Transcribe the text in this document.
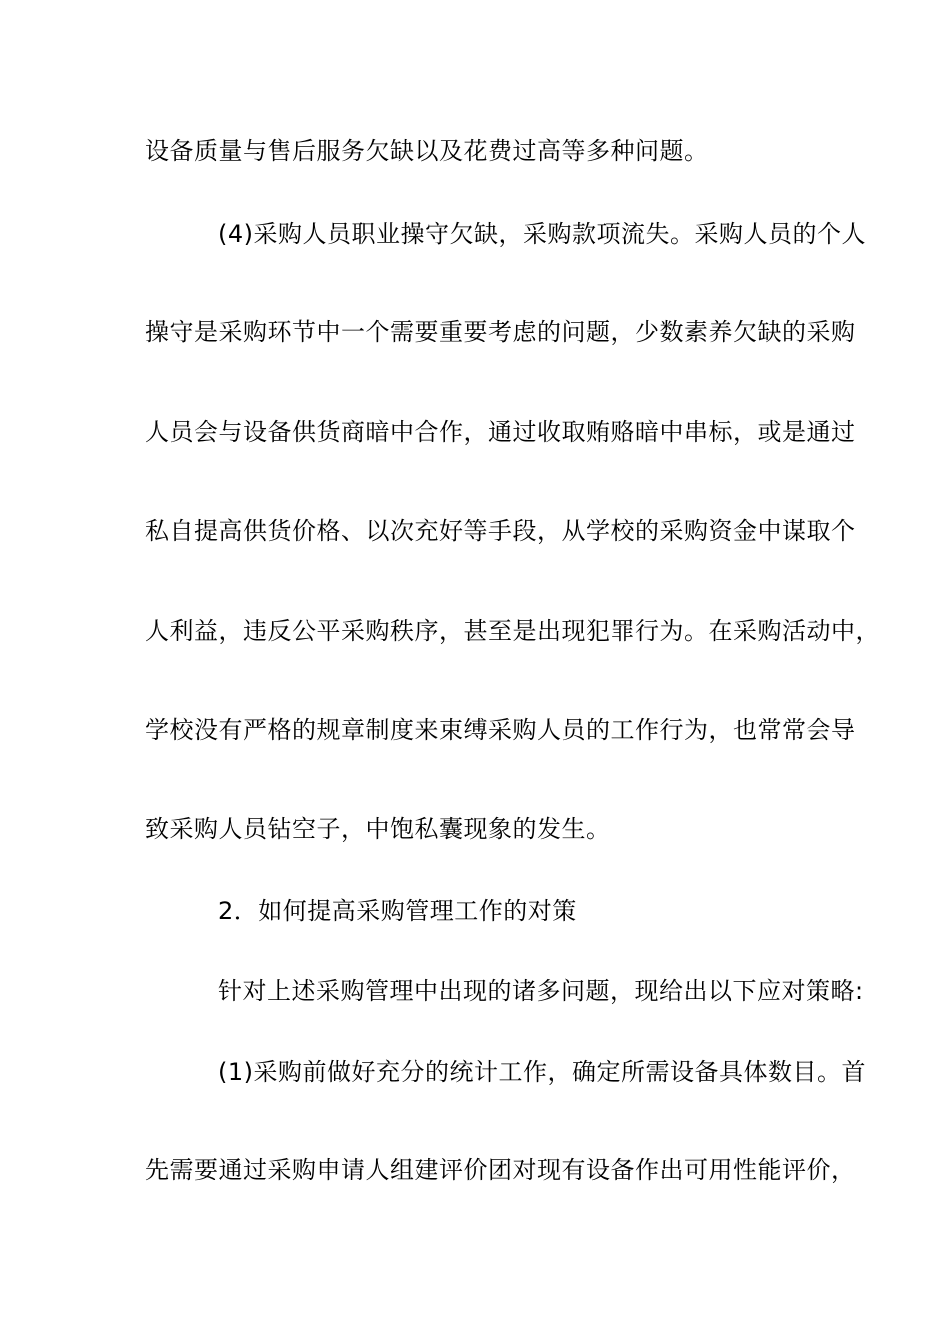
设备质量与售后服务欠缺以及花费过高等多种问题。
(4)采购人员职业操守欠缺，采购款项流失。采购人员的个人
操守是采购环节中一个需要重要考虑的问题，少数素养欠缺的采购
人员会与设备供货商暗中合作，通过收取贿赂暗中串标，或是通过
私自提高供货价格、以次充好等手段，从学校的采购资金中谋取个
人利益，违反公平采购秩序，甚至是出现犯罪行为。在采购活动中，
学校没有严格的规章制度来束缚采购人员的工作行为，也常常会导
致采购人员钻空子，中饱私囊现象的发生。
2．如何提高采购管理工作的对策
针对上述采购管理中出现的诸多问题，现给出以下应对策略:
(1)采购前做好充分的统计工作，确定所需设备具体数目。首
先需要通过采购申请人组建评价团对现有设备作出可用性能评价，
